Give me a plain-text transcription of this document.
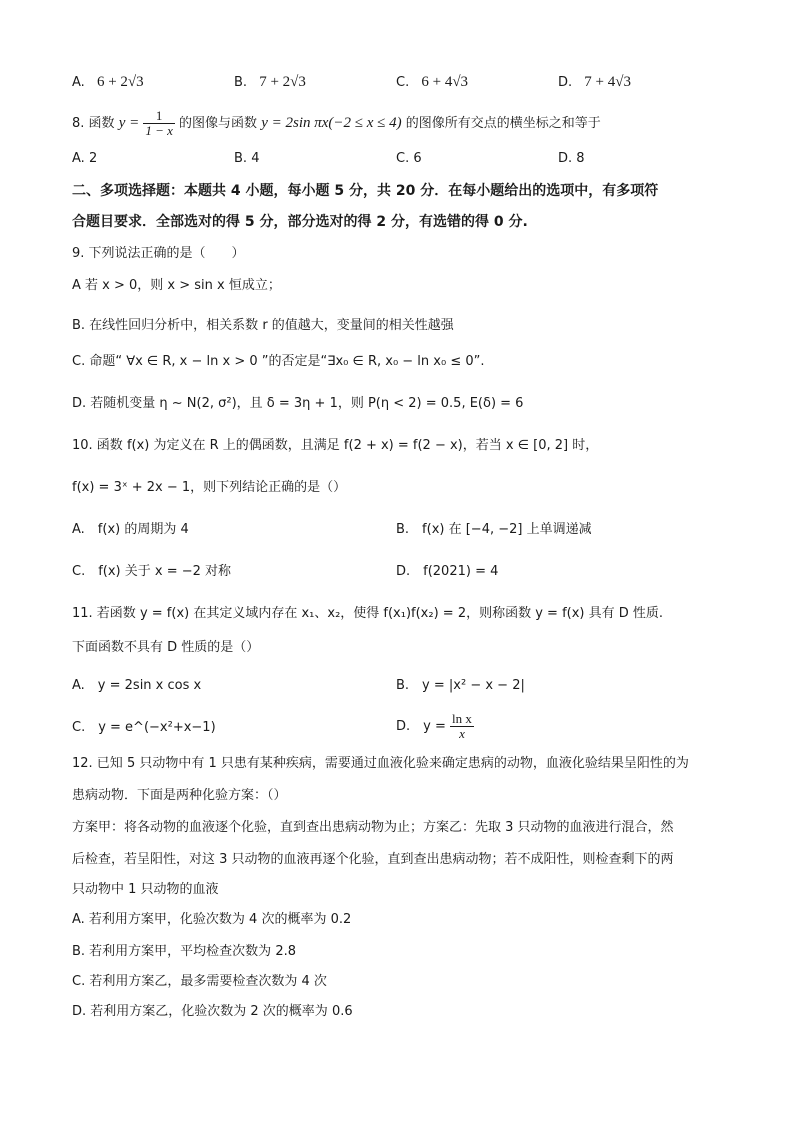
A. 6 + 2√3	B. 7 + 2√3	C. 6 + 4√3	D. 7 + 4√3
8. 函数 $y = \frac{1}{1 - x}$ 的图像与函数 y = 2sin πx(−2 ≤ x ≤ 4) 的图像所有交点的横坐标之和等于
A. 2	B. 4	C. 6	D. 8
二、多项选择题：本题共 4 小题，每小题 5 分，共 20 分．在每小题给出的选项中，有多项符
合题目要求．全部选对的得 5 分，部分选对的得 2 分，有选错的得 0 分.
9. 下列说法正确的是（　　）
A 若 x > 0，则 x > sin x 恒成立；
B. 在线性回归分析中，相关系数 r 的值越大，变量间的相关性越强
C. 命题“ ∀x ∈ R, x − ln x > 0 ”的否定是“∃x₀ ∈ R, x₀ − ln x₀ ≤ 0”.
D. 若随机变量 η ~ N(2, σ²)，且 δ = 3η + 1，则 P(η < 2) = 0.5, E(δ) = 6
10. 函数 f(x) 为定义在 R 上的偶函数，且满足 f(2 + x) = f(2 − x)，若当 x ∈ [0, 2] 时，
f(x) = 3ˣ + 2x − 1，则下列结论正确的是（）
A.　f(x) 的周期为 4	B.　f(x) 在 [−4, −2] 上单调递减
C.　f(x) 关于 x = −2 对称	D.　f(2021) = 4
11. 若函数 y = f(x) 在其定义域内存在 x₁、x₂，使得 f(x₁)f(x₂) = 2，则称函数 y = f(x) 具有 D 性质.
下面函数不具有 D 性质的是（）
A.　y = 2sin x cos x	B.　y = |x² − x − 2|
C.　y = e^(−x²+x−1)	D.　$y = \frac{\text{ln x}}{x}$
12. 已知 5 只动物中有 1 只患有某种疾病，需要通过血液化验来确定患病的动物，血液化验结果呈阳性的为
患病动物．下面是两种化验方案：（）
方案甲：将各动物的血液逐个化验，直到查出患病动物为止；方案乙：先取 3 只动物的血液进行混合，然
后检查，若呈阳性，对这 3 只动物的血液再逐个化验，直到查出患病动物；若不成阳性，则检查剩下的两
只动物中 1 只动物的血液
A. 若利用方案甲，化验次数为 4 次的概率为 0.2
B. 若利用方案甲，平均检查次数为 2.8
C. 若利用方案乙，最多需要检查次数为 4 次
D. 若利用方案乙，化验次数为 2 次的概率为 0.6
